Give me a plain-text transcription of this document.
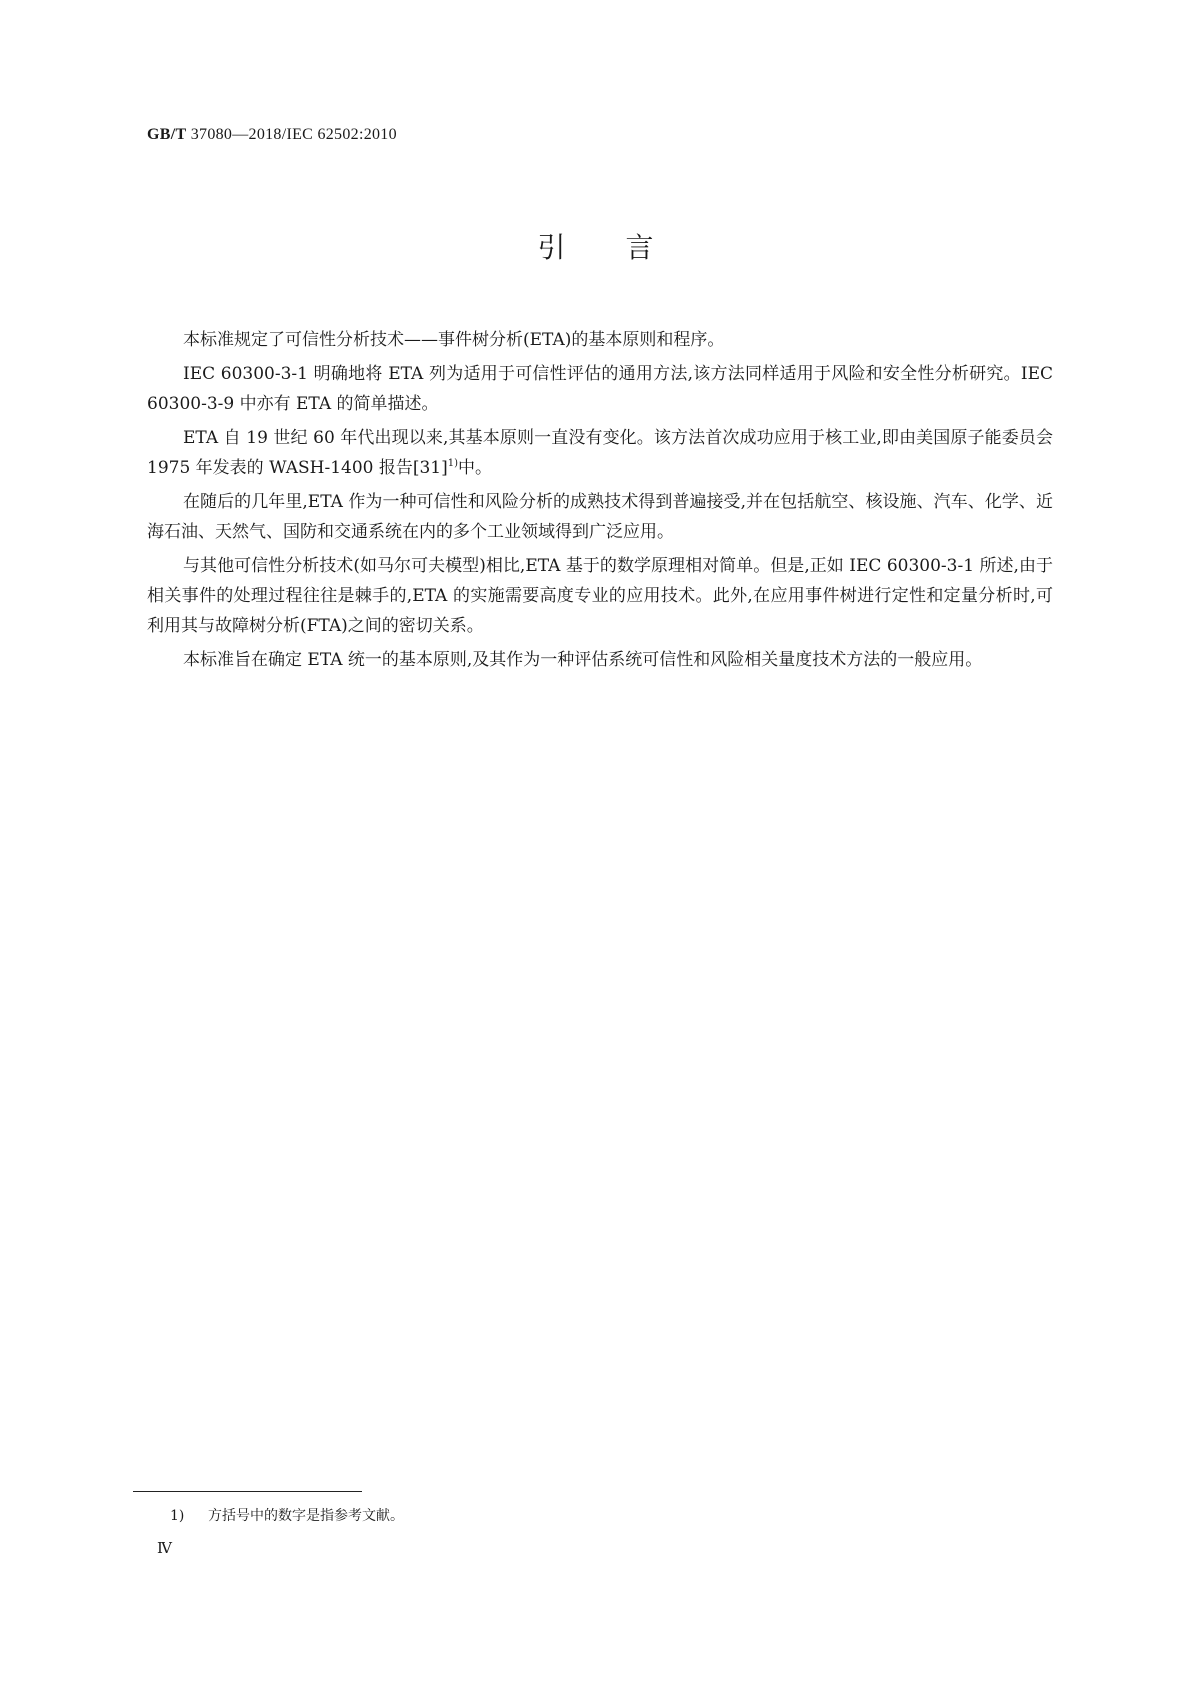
GB/T 37080—2018/IEC 62502:2010
引言

本标准规定了可信性分析技术——事件树分析(ETA)的基本原则和程序。

IEC 60300-3-1 明确地将 ETA 列为适用于可信性评估的通用方法,该方法同样适用于风险和安全性分析研究。IEC 60300-3-9 中亦有 ETA 的简单描述。

ETA 自 19 世纪 60 年代出现以来,其基本原则一直没有变化。该方法首次成功应用于核工业,即由美国原子能委员会 1975 年发表的 WASH-1400 报告$[31]^{1)}$中。

在随后的几年里,ETA 作为一种可信性和风险分析的成熟技术得到普遍接受,并在包括航空、核设施、汽车、化学、近海石油、天然气、国防和交通系统在内的多个工业领域得到广泛应用。

与其他可信性分析技术(如马尔可夫模型)相比,ETA 基于的数学原理相对简单。但是,正如 IEC 60300-3-1 所述,由于相关事件的处理过程往往是棘手的,ETA 的实施需要高度专业的应用技术。此外,在应用事件树进行定性和定量分析时,可利用其与故障树分析(FTA)之间的密切关系。

本标准旨在确定 ETA 统一的基本原则,及其作为一种评估系统可信性和风险相关量度技术方法的一般应用。

1) 方括号中的数字是指参考文献。
Ⅳ
